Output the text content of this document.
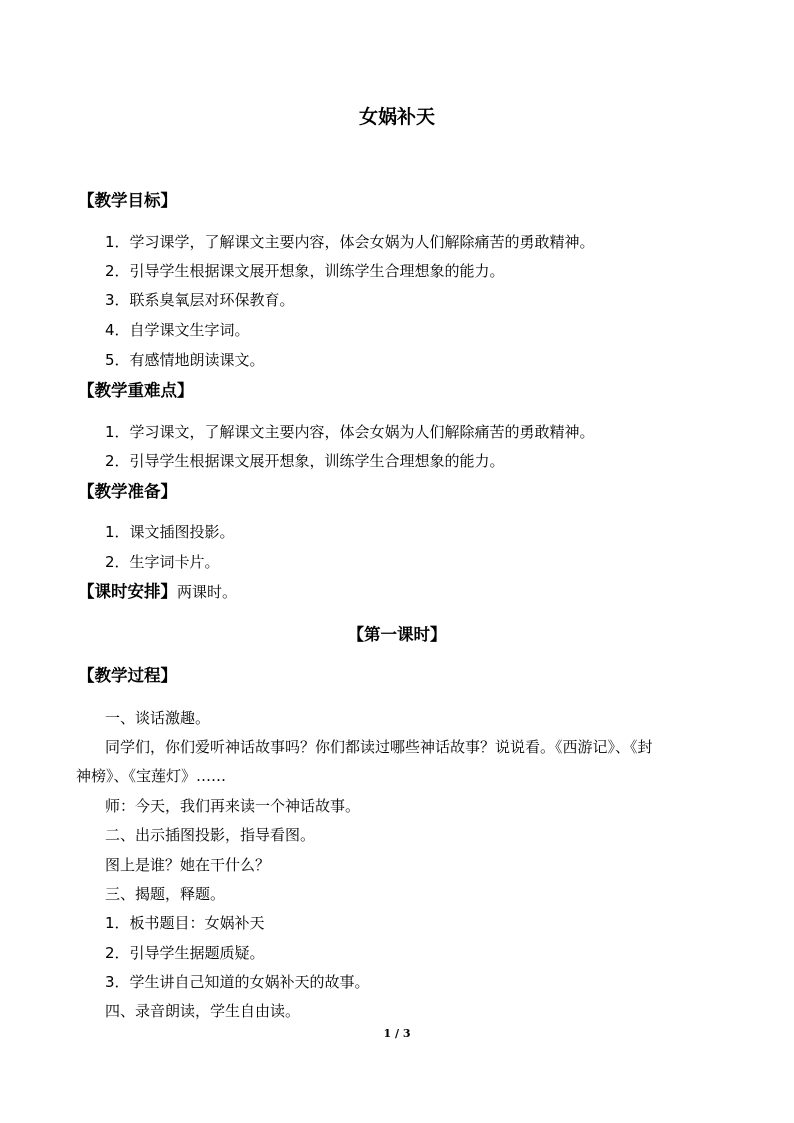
女娲补天
【教学目标】
1．学习课学，了解课文主要内容，体会女娲为人们解除痛苦的勇敢精神。
2．引导学生根据课文展开想象，训练学生合理想象的能力。
3．联系臭氧层对环保教育。
4．自学课文生字词。
5．有感情地朗读课文。
【教学重难点】
1．学习课文，了解课文主要内容，体会女娲为人们解除痛苦的勇敢精神。
2．引导学生根据课文展开想象，训练学生合理想象的能力。
【教学准备】
1．课文插图投影。
2．生字词卡片。
【课时安排】两课时。
【第一课时】
【教学过程】
一、谈话激趣。
同学们，你们爱听神话故事吗？你们都读过哪些神话故事？说说看。《西游记》、《封
神榜》、《宝莲灯》……
师：今天，我们再来读一个神话故事。
二、出示插图投影，指导看图。
图上是谁？她在干什么？
三、揭题，释题。
1．板书题目：女娲补天
2．引导学生据题质疑。
3．学生讲自己知道的女娲补天的故事。
四、录音朗读，学生自由读。
1 / 3
